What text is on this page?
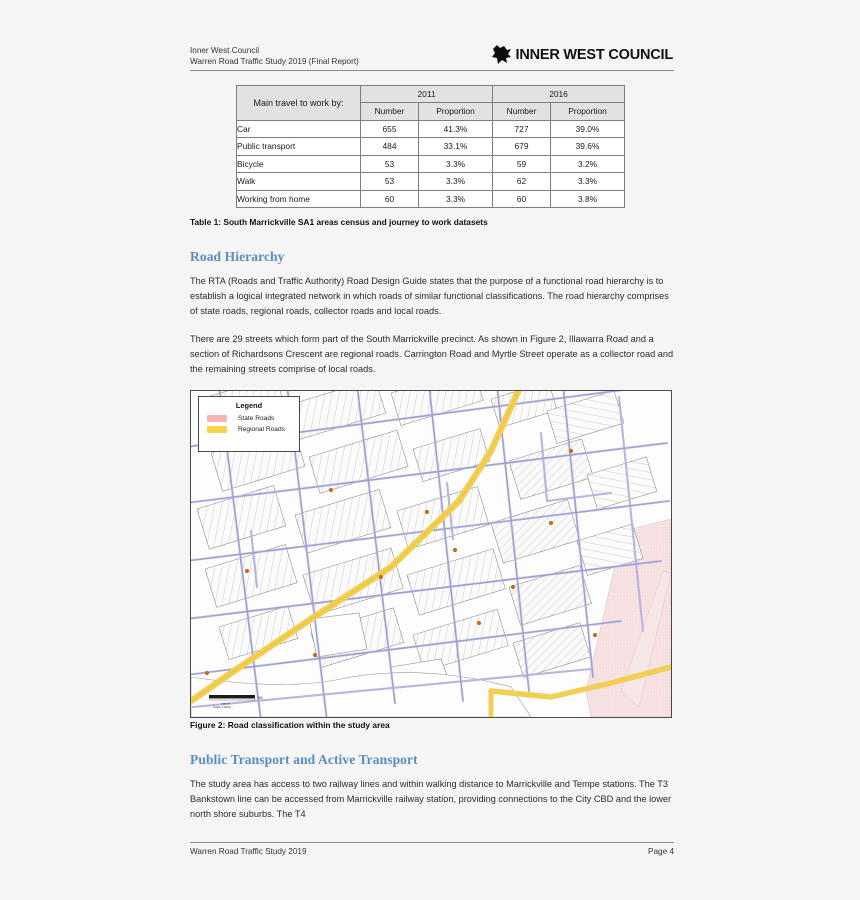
Inner West Council
Warren Road Traffic Study 2019 (Final Report)	INNER WEST COUNCIL
Main travel to work by:	2011		2016	
	Number	Proportion	Number	Proportion
Car	655	41.3%	727	39.0%
Public transport	484	33.1%	679	39.6%
Bicycle	53	3.3%	59	3.2%
Walk	53	3.3%	62	3.3%
Working from home	60	3.3%	60	3.8%
Table 1: South Marrickville SA1 areas census and journey to work datasets
Road Hierarchy

The RTA (Roads and Traffic Authority) Road Design Guide states that the purpose of a functional road hierarchy is to establish a logical integrated network in which roads of similar functional classifications. The road hierarchy comprises of state roads, regional roads, collector roads and local roads.

There are 29 streets which form part of the South Marrickville precinct. As shown in Figure 2, Illawarra Road and a section of Richardsons Crescent are regional roads. Carrington Road and Myrtle Street operate as a collector road and the remaining streets comprise of local roads.

Legend
State Roads
Regional Roads
100
metres
Scale 1:4000
Figure 2: Road classification within the study area
Public Transport and Active Transport

The study area has access to two railway lines and within walking distance to Marrickville and Tempe stations. The T3 Bankstown line can be accessed from Marrickville railway station, providing connections to the City CBD and the lower north shore suburbs. The T4

Warren Road Traffic Study 2019	Page 4
